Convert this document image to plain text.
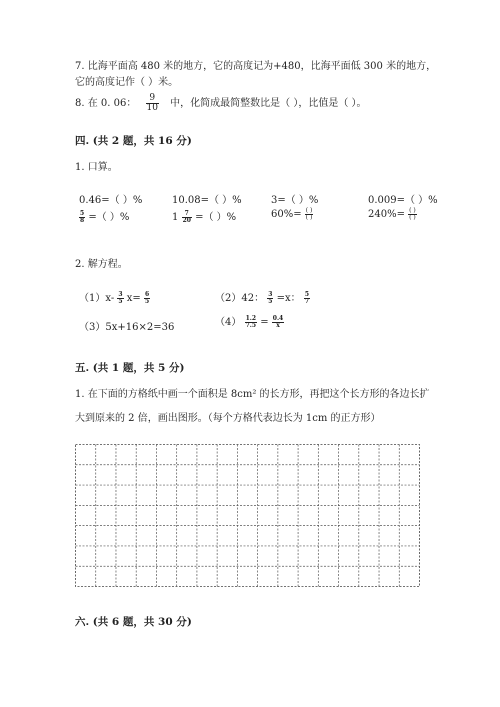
7. 比海平面高 480 米的地方，它的高度记为+480，比海平面低 300 米的地方，
它的高度记作（ ）米。
8. 在 0. 06： $\frac{9}{10}$ 中，化简成最简整数比是（ ），比值是（ ）。
四. (共 2 题，共 16 分)
1. 口算。
0.46=（ ）%	10.08=（ ）%	3=（ ）%	0.009=（ ）%
$\frac{5}{8}$ =（ ）%	$1 \frac{7}{20}$ =（ ）%	$60\%= \frac{( )}{( )}$	$240\%= \frac{( )}{( )}$
2. 解方程。
$(1)x- \frac{3}{5} x= \frac{6}{5}$	（2）42： $\frac{3}{5} =x$： $\frac{5}{7}$
（3）5x+16×2=36	$(4) \frac{1.2}{7.5} = \frac{0.4}{x}$
五. (共 1 题，共 5 分)
1. 在下面的方格纸中画一个面积是 8cm² 的长方形，再把这个长方形的各边长扩
大到原来的 2 倍，画出图形。（每个方格代表边长为 1cm 的正方形）
六. (共 6 题，共 30 分)
